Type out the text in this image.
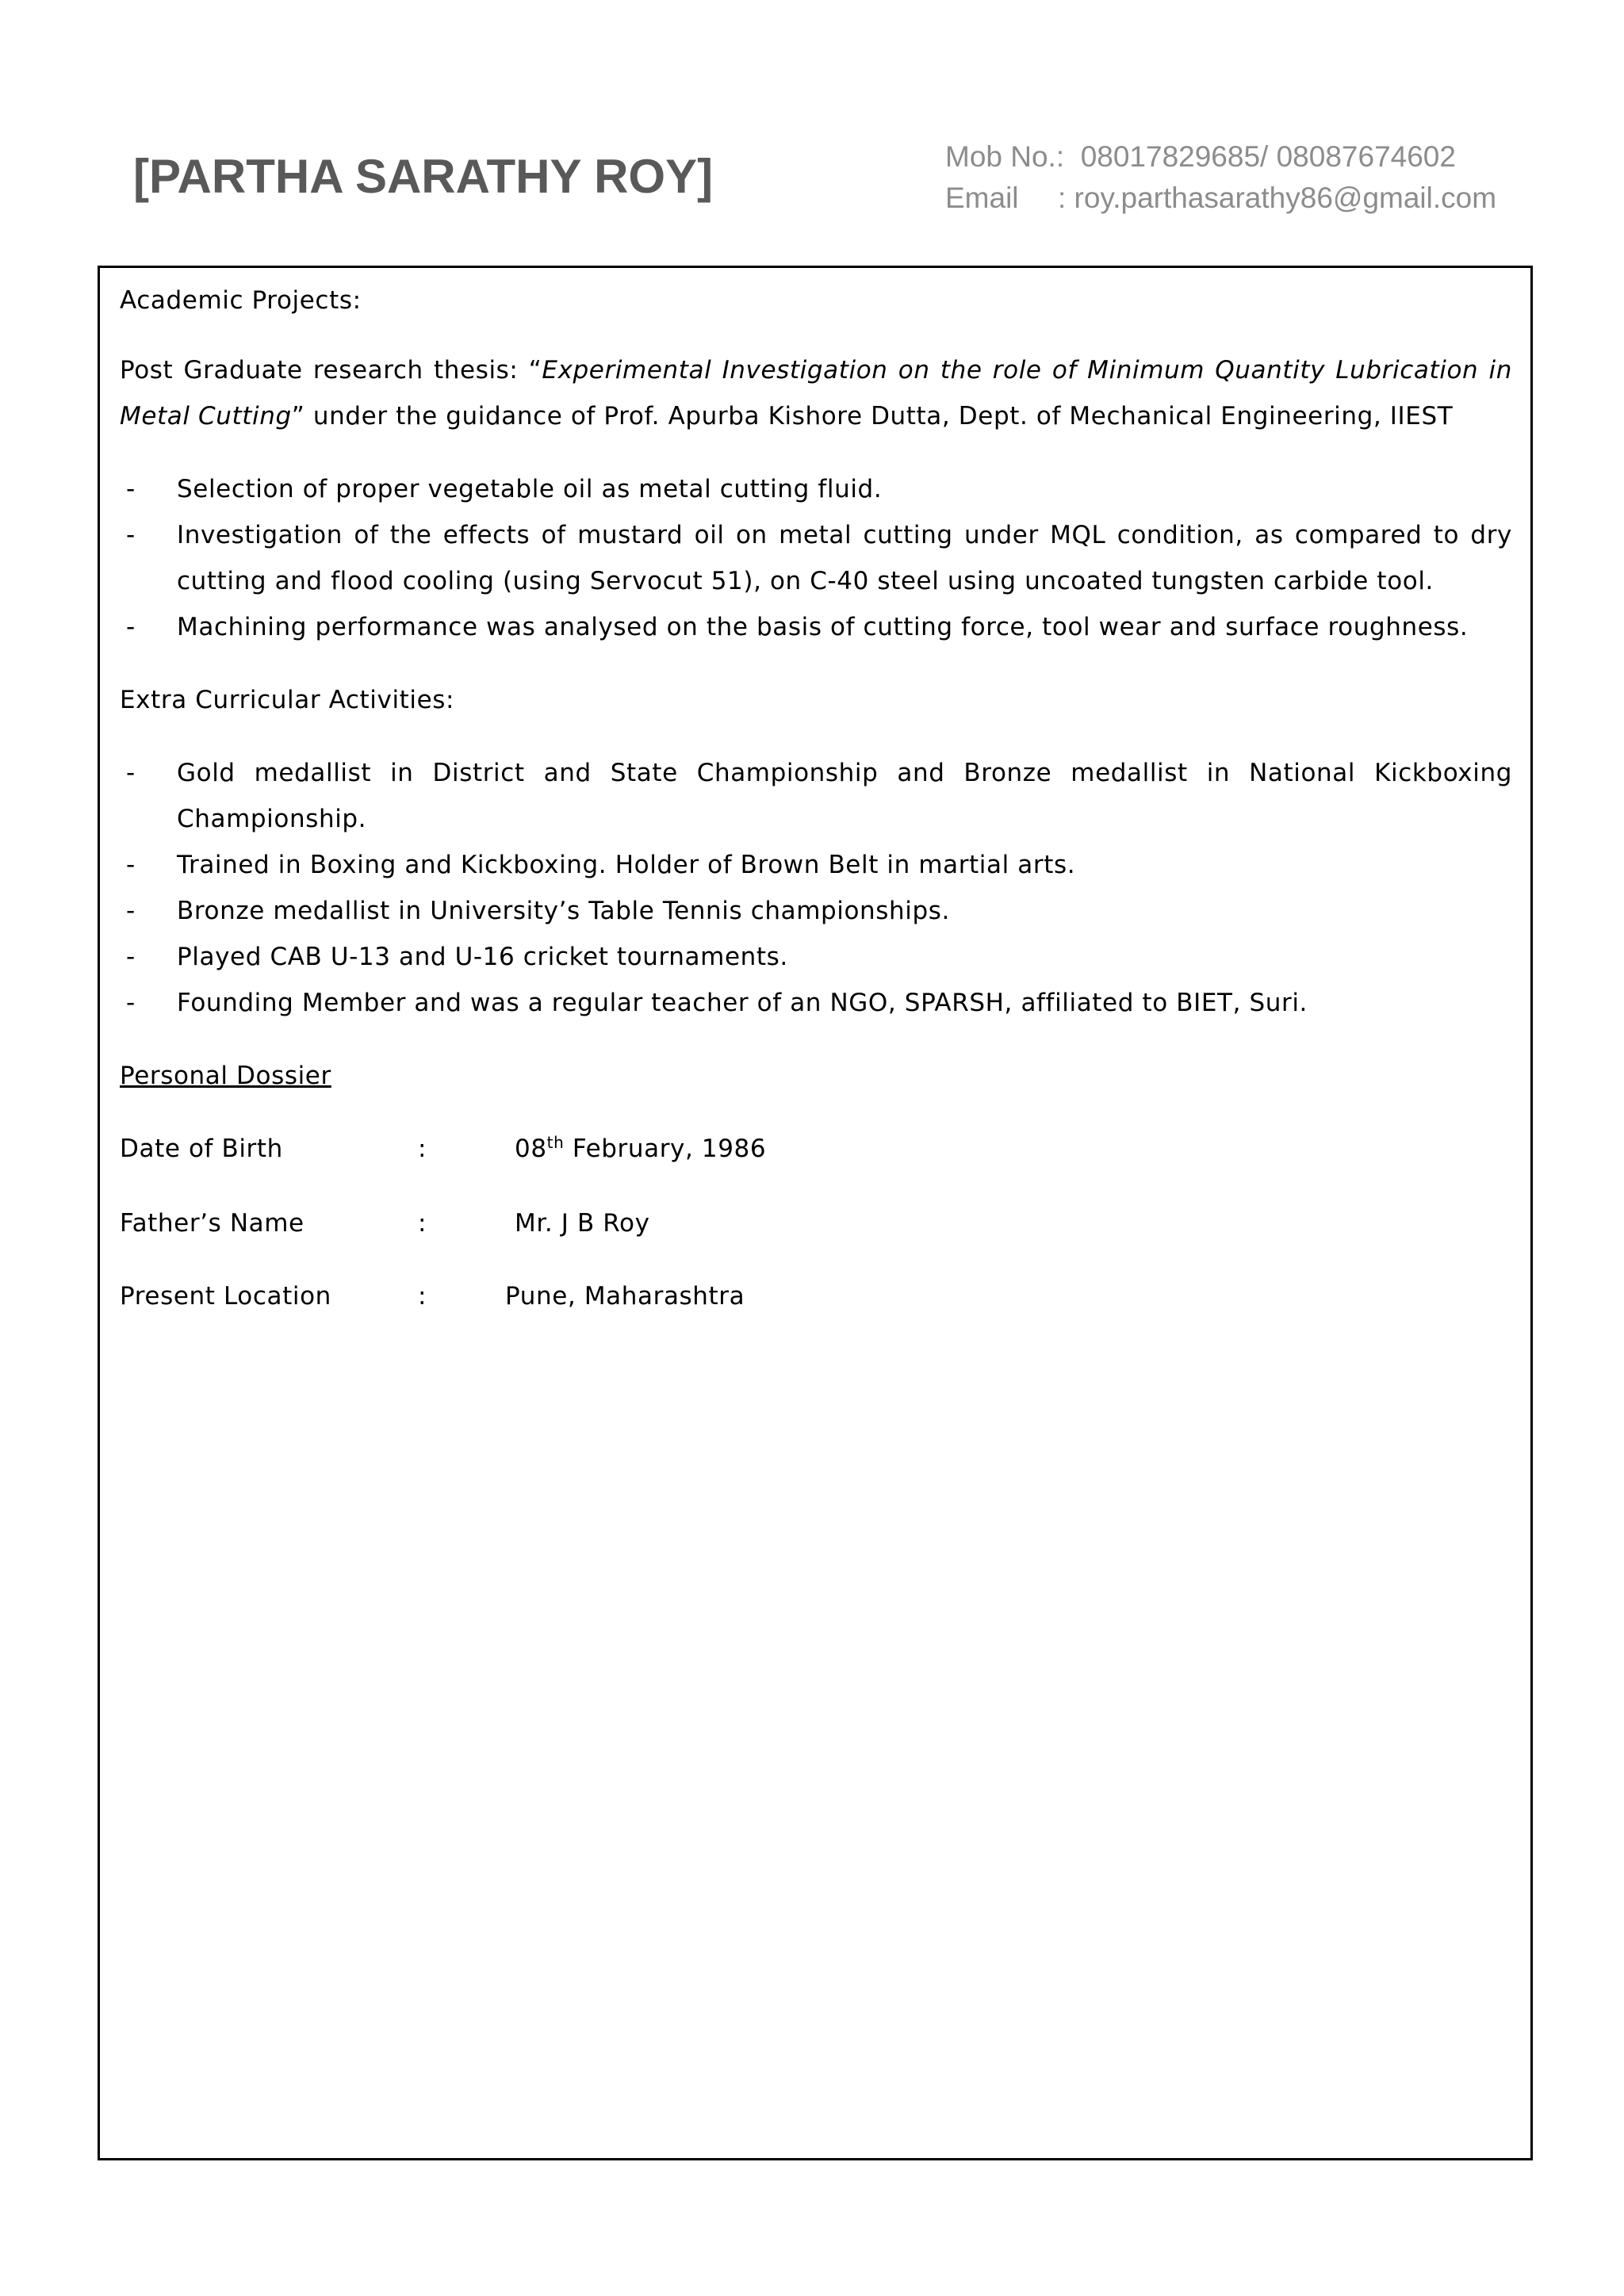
[PARTHA SARATHY ROY]	Mob No.: 08017829685/ 08087674602
Email : roy.parthasarathy86@gmail.com

Academic Projects:

Post Graduate research thesis: “Experimental Investigation on the role of Minimum Quantity Lubrication in Metal Cutting” under the guidance of Prof. Apurba Kishore Dutta, Dept. of Mechanical Engineering, IIEST

- Selection of proper vegetable oil as metal cutting fluid.
- Investigation of the effects of mustard oil on metal cutting under MQL condition, as compared to dry cutting and flood cooling (using Servocut 51), on C-40 steel using uncoated tungsten carbide tool.
- Machining performance was analysed on the basis of cutting force, tool wear and surface roughness.

Extra Curricular Activities:

- Gold medallist in District and State Championship and Bronze medallist in National Kickboxing Championship.
- Trained in Boxing and Kickboxing. Holder of Brown Belt in martial arts.
- Bronze medallist in University’s Table Tennis championships.
- Played CAB U-13 and U-16 cricket tournaments.
- Founding Member and was a regular teacher of an NGO, SPARSH, affiliated to BIET, Suri.

Personal Dossier

Date of Birth	:	08th February, 1986
Father’s Name	:	Mr. J B Roy
Present Location	:	Pune, Maharashtra
